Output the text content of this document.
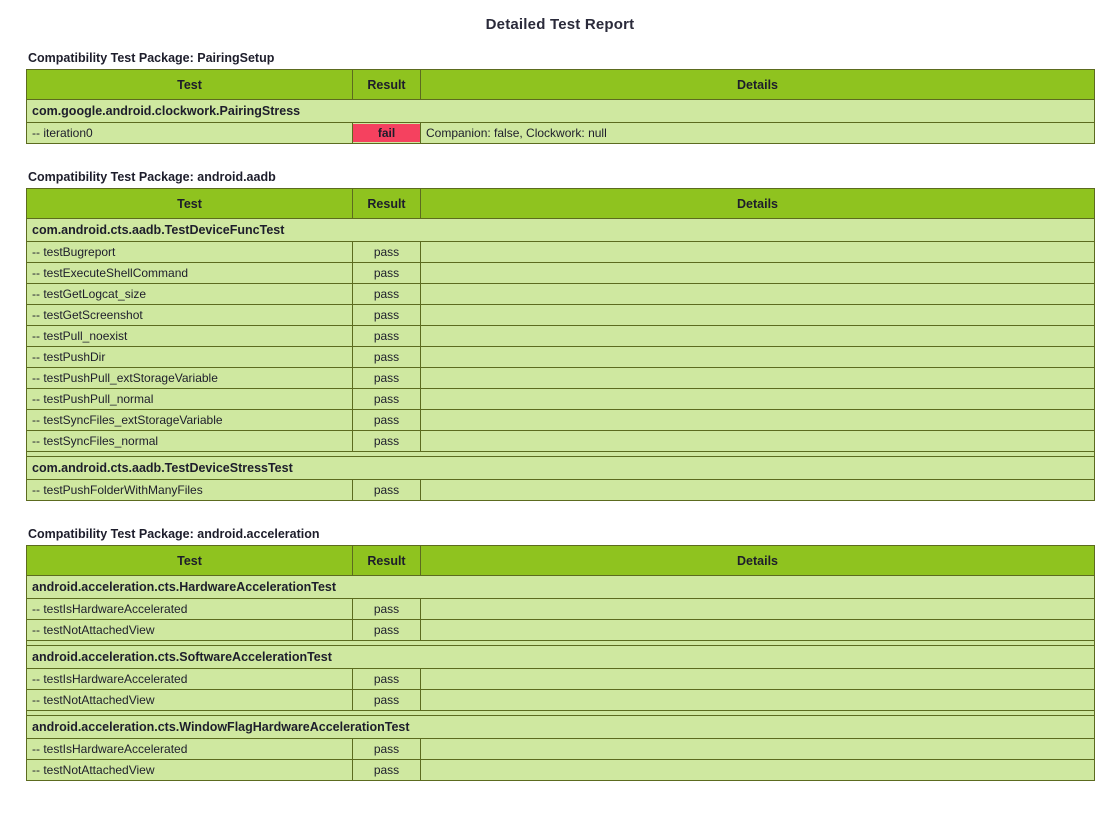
Detailed Test Report
Compatibility Test Package: PairingSetup
Test	Result	Details
com.google.android.clockwork.PairingStress		
-- iteration0	fail	Companion: false, Clockwork: null
Compatibility Test Package: android.aadb
Test	Result	Details
com.android.cts.aadb.TestDeviceFuncTest		
-- testBugreport	pass	
-- testExecuteShellCommand	pass	
-- testGetLogcat_size	pass	
-- testGetScreenshot	pass	
-- testPull_noexist	pass	
-- testPushDir	pass	
-- testPushPull_extStorageVariable	pass	
-- testPushPull_normal	pass	
-- testSyncFiles_extStorageVariable	pass	
-- testSyncFiles_normal	pass	

com.android.cts.aadb.TestDeviceStressTest		
-- testPushFolderWithManyFiles	pass	
Compatibility Test Package: android.acceleration
Test	Result	Details
android.acceleration.cts.HardwareAccelerationTest		
-- testIsHardwareAccelerated	pass	
-- testNotAttachedView	pass	

android.acceleration.cts.SoftwareAccelerationTest		
-- testIsHardwareAccelerated	pass	
-- testNotAttachedView	pass	

android.acceleration.cts.WindowFlagHardwareAccelerationTest		
-- testIsHardwareAccelerated	pass	
-- testNotAttachedView	pass	
